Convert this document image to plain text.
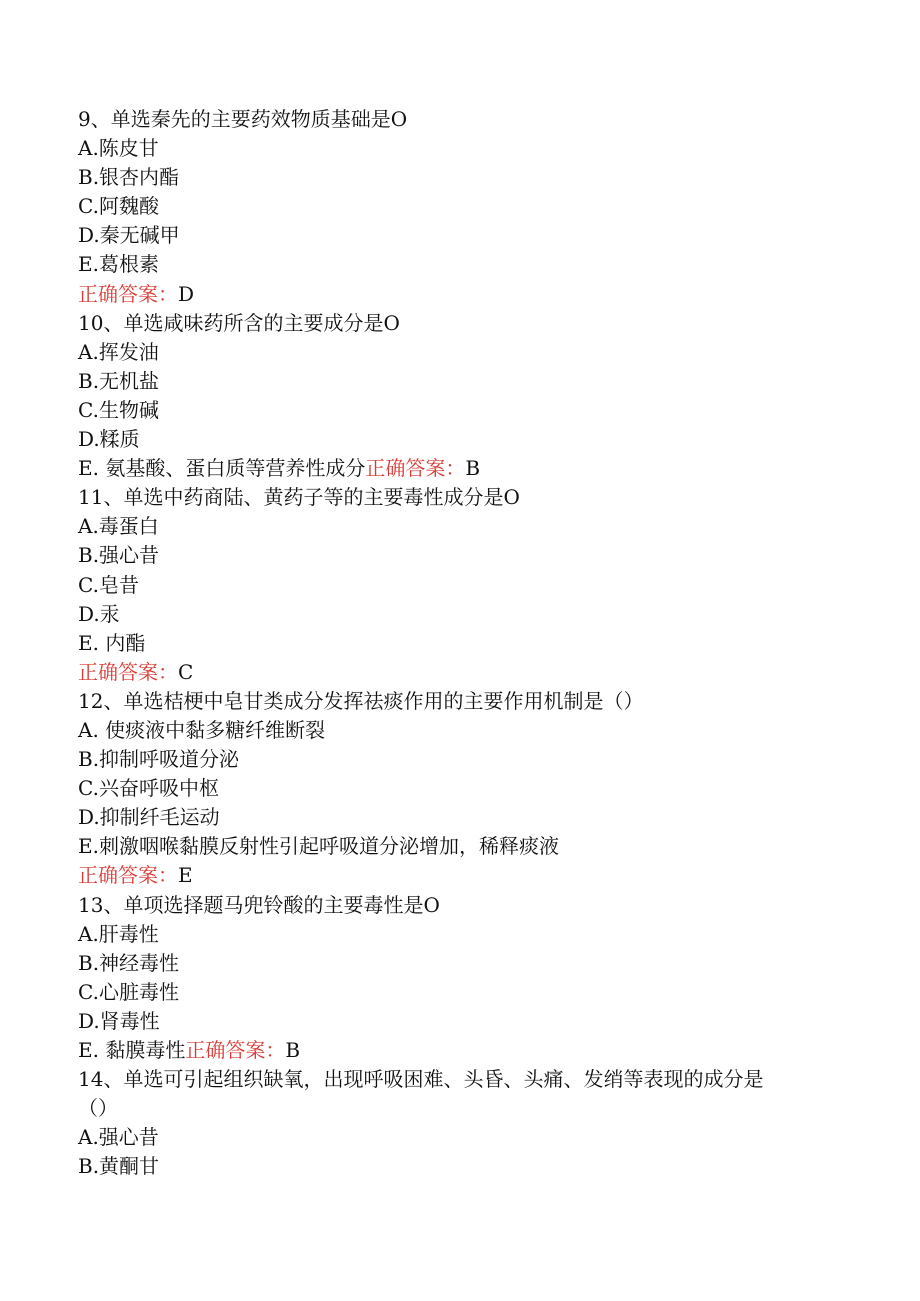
9、单选秦先的主要药效物质基础是O
A.陈皮甘
B.银杏内酯
C.阿魏酸
D.秦无碱甲
E.葛根素
正确答案：D
10、单选咸味药所含的主要成分是O
A.挥发油
B.无机盐
C.生物碱
D.糅质
E. 氨基酸、蛋白质等营养性成分正确答案：B
11、单选中药商陆、黄药子等的主要毒性成分是O
A.毒蛋白
B.强心昔
C.皂昔
D.汞
E. 内酯
正确答案：C
12、单选桔梗中皂甘类成分发挥祛痰作用的主要作用机制是（）
A. 使痰液中黏多糖纤维断裂
B.抑制呼吸道分泌
C.兴奋呼吸中枢
D.抑制纤毛运动
E.刺激咽喉黏膜反射性引起呼吸道分泌增加，稀释痰液
正确答案：E
13、单项选择题马兜铃酸的主要毒性是O
A.肝毒性
B.神经毒性
C.心脏毒性
D.肾毒性
E. 黏膜毒性正确答案：B
14、单选可引起组织缺氧，出现呼吸困难、头昏、头痛、发绡等表现的成分是
（）
A.强心昔
B.黄酮甘
